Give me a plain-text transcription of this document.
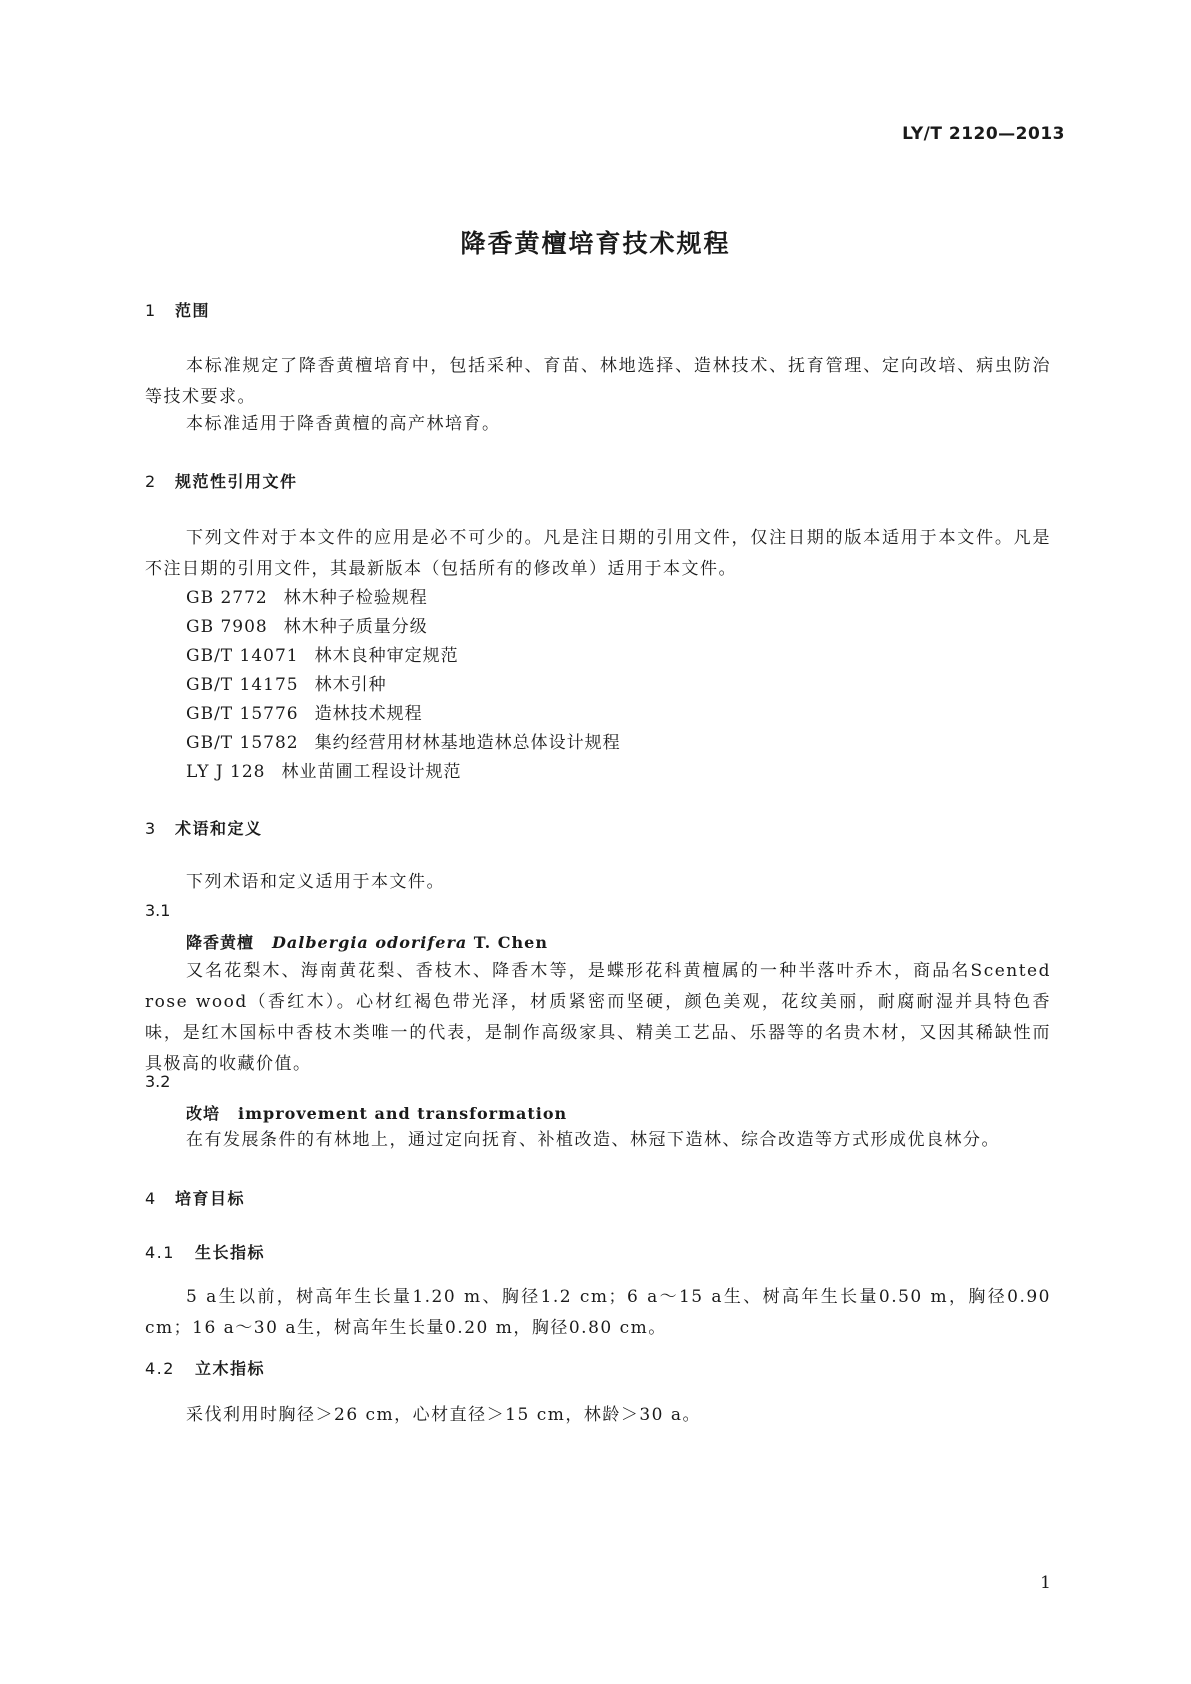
LY/T 2120—2013
降香黄檀培育技术规程
1 范围
本标准规定了降香黄檀培育中，包括采种、育苗、林地选择、造林技术、抚育管理、定向改培、病虫防治等技术要求。
本标准适用于降香黄檀的高产林培育。
2 规范性引用文件
下列文件对于本文件的应用是必不可少的。凡是注日期的引用文件，仅注日期的版本适用于本文件。凡是不注日期的引用文件，其最新版本（包括所有的修改单）适用于本文件。
GB 2772 林木种子检验规程
GB 7908 林木种子质量分级
GB/T 14071 林木良种审定规范
GB/T 14175 林木引种
GB/T 15776 造林技术规程
GB/T 15782 集约经营用材林基地造林总体设计规程
LY J 128 林业苗圃工程设计规范
3 术语和定义
下列术语和定义适用于本文件。
3.1
降香黄檀 Dalbergia odorifera T. Chen
又名花梨木、海南黄花梨、香枝木、降香木等，是蝶形花科黄檀属的一种半落叶乔木，商品名Scented rose wood（香红木）。心材红褐色带光泽，材质紧密而坚硬，颜色美观，花纹美丽，耐腐耐湿并具特色香味，是红木国标中香枝木类唯一的代表，是制作高级家具、精美工艺品、乐器等的名贵木材，又因其稀缺性而具极高的收藏价值。
3.2
改培 improvement and transformation
在有发展条件的有林地上，通过定向抚育、补植改造、林冠下造林、综合改造等方式形成优良林分。
4 培育目标
4.1 生长指标
5 a生以前，树高年生长量1.20 m、胸径1.2 cm；6 a～15 a生、树高年生长量0.50 m，胸径0.90 cm；16 a～30 a生，树高年生长量0.20 m，胸径0.80 cm。
4.2 立木指标
采伐利用时胸径＞26 cm，心材直径＞15 cm，林龄＞30 a。
1
